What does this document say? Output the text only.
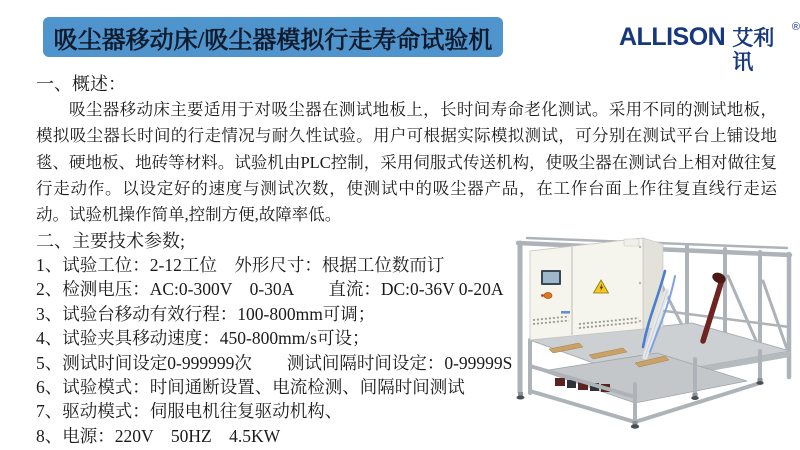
吸尘器移动床/吸尘器模拟行走寿命试验机	ALLISON 艾利讯
®
一、概述：
吸尘器移动床主要适用于对吸尘器在测试地板上，长时间寿命老化测试。采用不同的测试地板，模拟吸尘器长时间的行走情况与耐久性试验。用户可根据实际模拟测试，可分别在测试平台上铺设地毯、硬地板、地砖等材料。试验机由PLC控制，采用伺服式传送机构，使吸尘器在测试台上相对做往复行走动作。以设定好的速度与测试次数，使测试中的吸尘器产品，在工作台面上作往复直线行走运动。试验机操作简单,控制方便,故障率低。
二、主要技术参数;
1、试验工位：2-12工位　外形尺寸：根据工位数而订
2、检测电压：AC:0-300V　0-30A　　直流：DC:0-36V 0-20A
3、试验台移动有效行程：100-800mm可调；
4、试验夹具移动速度：450-800mm/s可设；
5、测试时间设定0-999999次　　测试间隔时间设定：0-99999S
6、试验模式：时间通断设置、电流检测、间隔时间测试
7、驱动模式：伺服电机往复驱动机构、
8、电源：220V　50HZ　4.5KW
